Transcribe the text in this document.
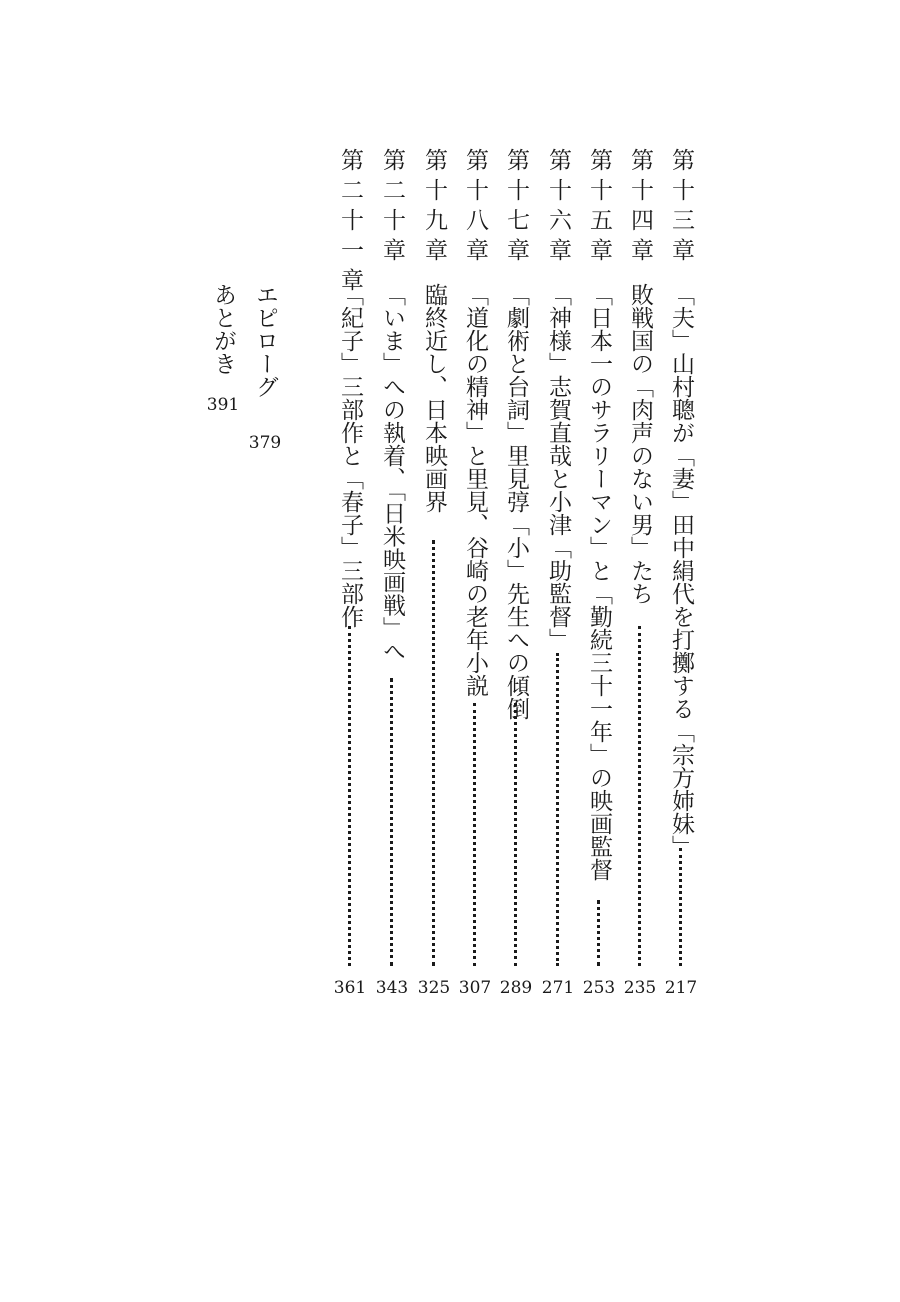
第十三章
「夫」山村聰が「妻」田中絹代を打擲する「宗方姉妹」
217
第十四章
敗戦国の「肉声のない男」たち
235
第十五章
「日本一のサラリーマン」と「勤続三十一年」の映画監督
253
第十六章
「神様」志賀直哉と小津「助監督」
271
第十七章
「劇術と台詞」里見弴「小」先生への傾倒
289
第十八章
「道化の精神」と里見、谷崎の老年小説
307
第十九章
臨終近し、日本映画界
325
第二十章
「いま」への執着、「日米映画戦」へ
343
第二十一章
「紀子」三部作と「春子」三部作
361
エピローグ
379
あとがき
391
